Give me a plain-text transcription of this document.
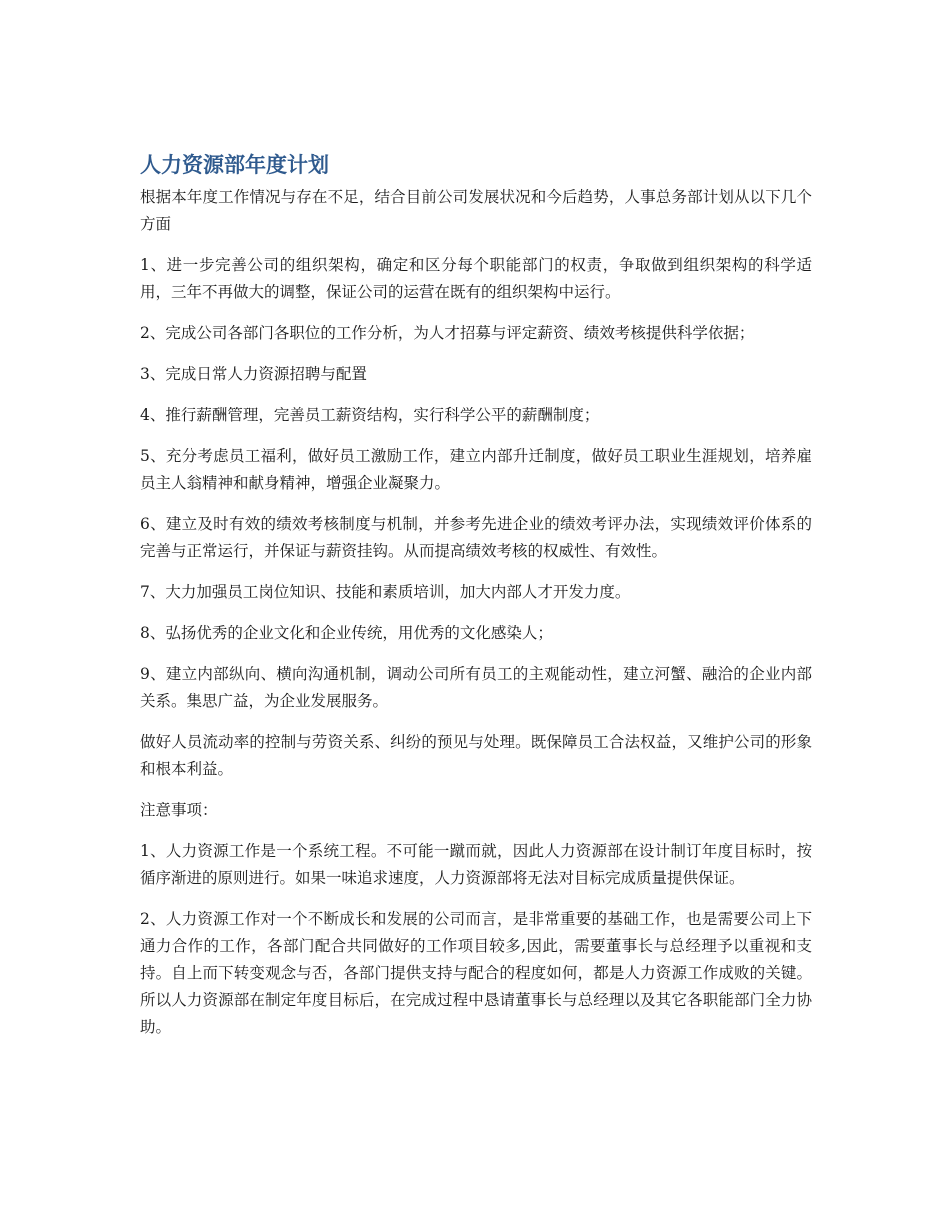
人力资源部年度计划

根据本年度工作情况与存在不足，结合目前公司发展状况和今后趋势，人事总务部计划从以下几个方面

1、进一步完善公司的组织架构，确定和区分每个职能部门的权责，争取做到组织架构的科学适用，三年不再做大的调整，保证公司的运营在既有的组织架构中运行。

2、完成公司各部门各职位的工作分析，为人才招募与评定薪资、绩效考核提供科学依据；

3、完成日常人力资源招聘与配置

4、推行薪酬管理，完善员工薪资结构，实行科学公平的薪酬制度；

5、充分考虑员工福利，做好员工激励工作，建立内部升迁制度，做好员工职业生涯规划，培养雇员主人翁精神和献身精神，增强企业凝聚力。

6、建立及时有效的绩效考核制度与机制，并参考先进企业的绩效考评办法，实现绩效评价体系的完善与正常运行，并保证与薪资挂钩。从而提高绩效考核的权威性、有效性。

7、大力加强员工岗位知识、技能和素质培训，加大内部人才开发力度。

8、弘扬优秀的企业文化和企业传统，用优秀的文化感染人；

9、建立内部纵向、横向沟通机制，调动公司所有员工的主观能动性，建立河蟹、融洽的企业内部关系。集思广益，为企业发展服务。

做好人员流动率的控制与劳资关系、纠纷的预见与处理。既保障员工合法权益，又维护公司的形象和根本利益。

注意事项：

1、人力资源工作是一个系统工程。不可能一蹴而就，因此人力资源部在设计制订年度目标时，按循序渐进的原则进行。如果一味追求速度，人力资源部将无法对目标完成质量提供保证。

2、人力资源工作对一个不断成长和发展的公司而言，是非常重要的基础工作，也是需要公司上下通力合作的工作，各部门配合共同做好的工作项目较多,因此，需要董事长与总经理予以重视和支持。自上而下转变观念与否，各部门提供支持与配合的程度如何，都是人力资源工作成败的关键。所以人力资源部在制定年度目标后，在完成过程中恳请董事长与总经理以及其它各职能部门全力协助。
